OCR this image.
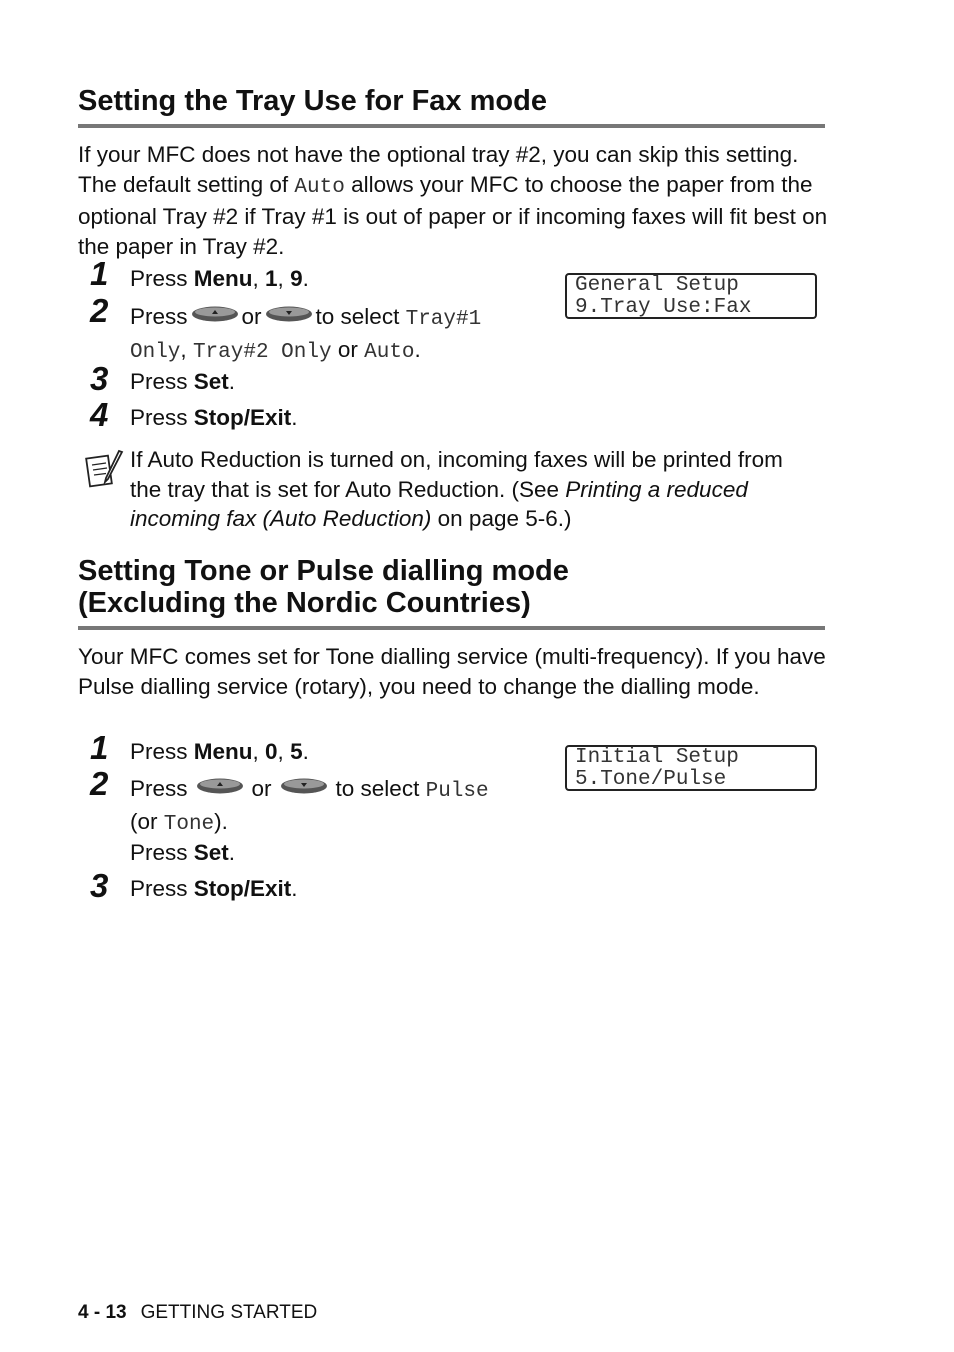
Setting the Tray Use for Fax mode
If your MFC does not have the optional tray #2, you can skip this setting. The default setting of Auto allows your MFC to choose the paper from the optional Tray #2 if Tray #1 is out of paper or if incoming faxes will fit best on the paper in Tray #2.
1 Press Menu, 1, 9.
2 Press or to select Tray#1
Only, Tray#2 Only or Auto.
3 Press Set.
4 Press Stop/Exit.
General Setup
9.Tray Use:Fax
If Auto Reduction is turned on, incoming faxes will be printed from the tray that is set for Auto Reduction. (See Printing a reduced incoming fax (Auto Reduction) on page 5-6.)
Setting Tone or Pulse dialling mode
(Excluding the Nordic Countries)
Your MFC comes set for Tone dialling service (multi-frequency). If you have Pulse dialling service (rotary), you need to change the dialling mode.
1 Press Menu, 0, 5.
2 Press	or	to select Pulse
(or Tone).
Press Set.
3 Press Stop/Exit.
Initial Setup
5.Tone/Pulse
4 - 13 GETTING STARTED
